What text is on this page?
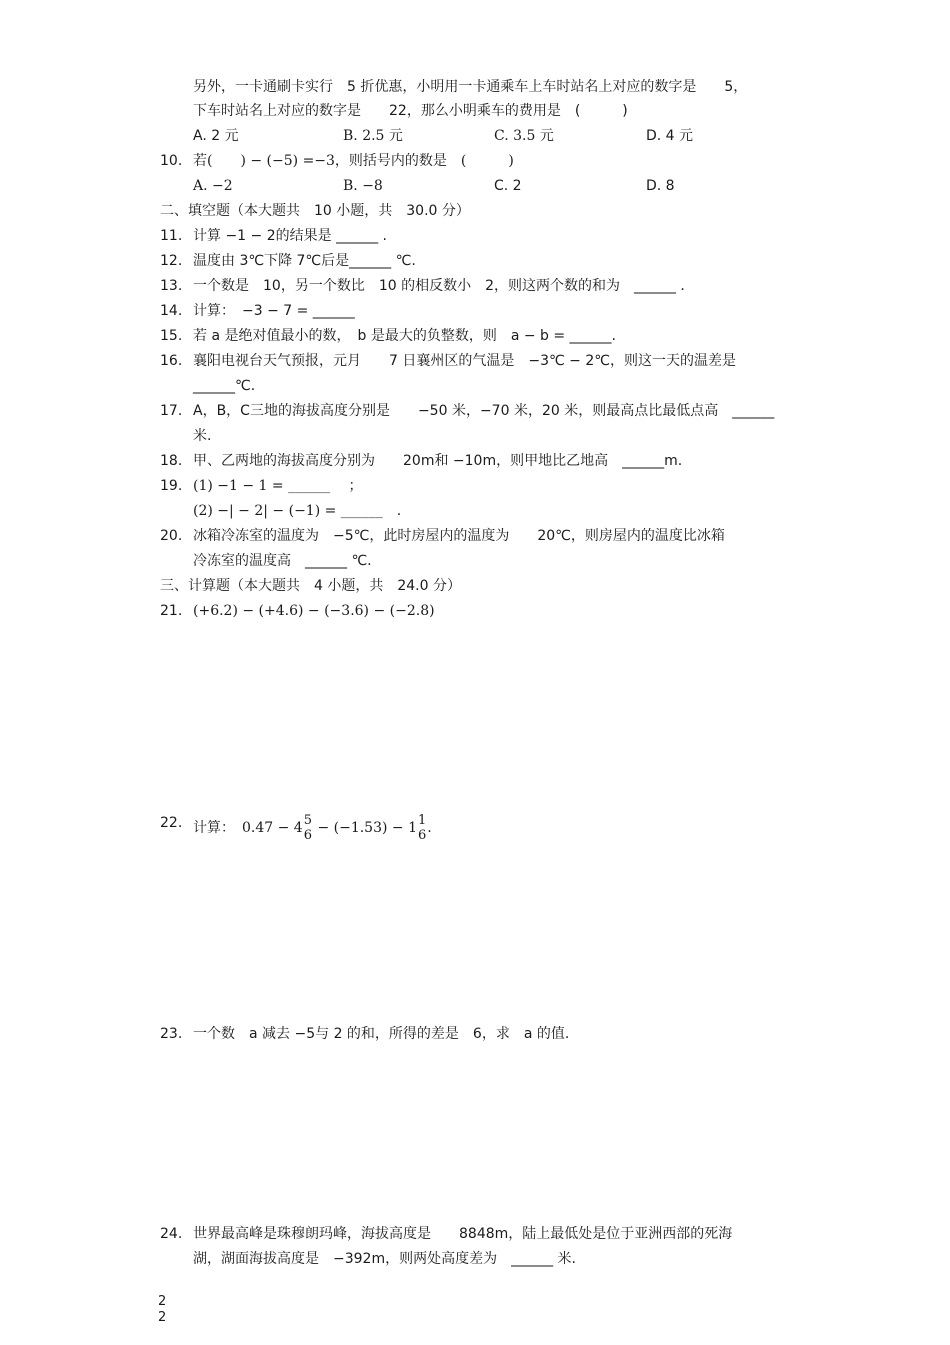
另外，一卡通刷卡实行　5 折优惠，小明用一卡通乘车上车时站名上对应的数字是　　5，
下车时站名上对应的数字是　　22，那么小明乘车的费用是　(　　　)
A. 2 元	B. 2.5 元	C. 3.5 元	D. 4 元
10. 若(　　) − (−5) =−3，则括号内的数是　(　　　)
A. −2	B. −8	C. 2	D. 8
二、填空题（本大题共　10 小题，共　30.0 分）
11. 计算 −1 − 2的结果是 ______ .
12. 温度由 3℃下降 7℃后是______ ℃.
13. 一个数是　10，另一个数比　10 的相反数小　2，则这两个数的和为　______ .
14. 计算：　−3 − 7 = ______
15. 若 a 是绝对值最小的数，　b 是最大的负整数，则　a − b = ______.
16. 襄阳电视台天气预报，元月　　7 日襄州区的气温是　−3℃ − 2℃，则这一天的温差是
______℃.
17. A，B，C三地的海拔高度分别是　　−50 米，−70 米，20 米，则最高点比最低点高　______
米.
18. 甲、乙两地的海拔高度分别为　　20m和 −10m，则甲地比乙地高　______m.
19. (1) −1 − 1 = ______　 ；
(2) −| − 2| − (−1) = ______　.
20. 冰箱冷冻室的温度为　−5℃，此时房屋内的温度为　　20℃，则房屋内的温度比冰箱
冷冻室的温度高　______ ℃.
三、计算题（本大题共　4 小题，共　24.0 分）
21. (+6.2) − (+4.6) − (−3.6) − (−2.8)
22. 计算：　0.47 − 4 5
6 − (−1.53) − 1 1
6 .
23. 一个数　a 减去 −5与 2 的和，所得的差是　6，求　a 的值.
24. 世界最高峰是珠穆朗玛峰，海拔高度是　　8848m，陆上最低处是位于亚洲西部的死海
湖，湖面海拔高度是　−392m，则两处高度差为　______ 米.
2
2
